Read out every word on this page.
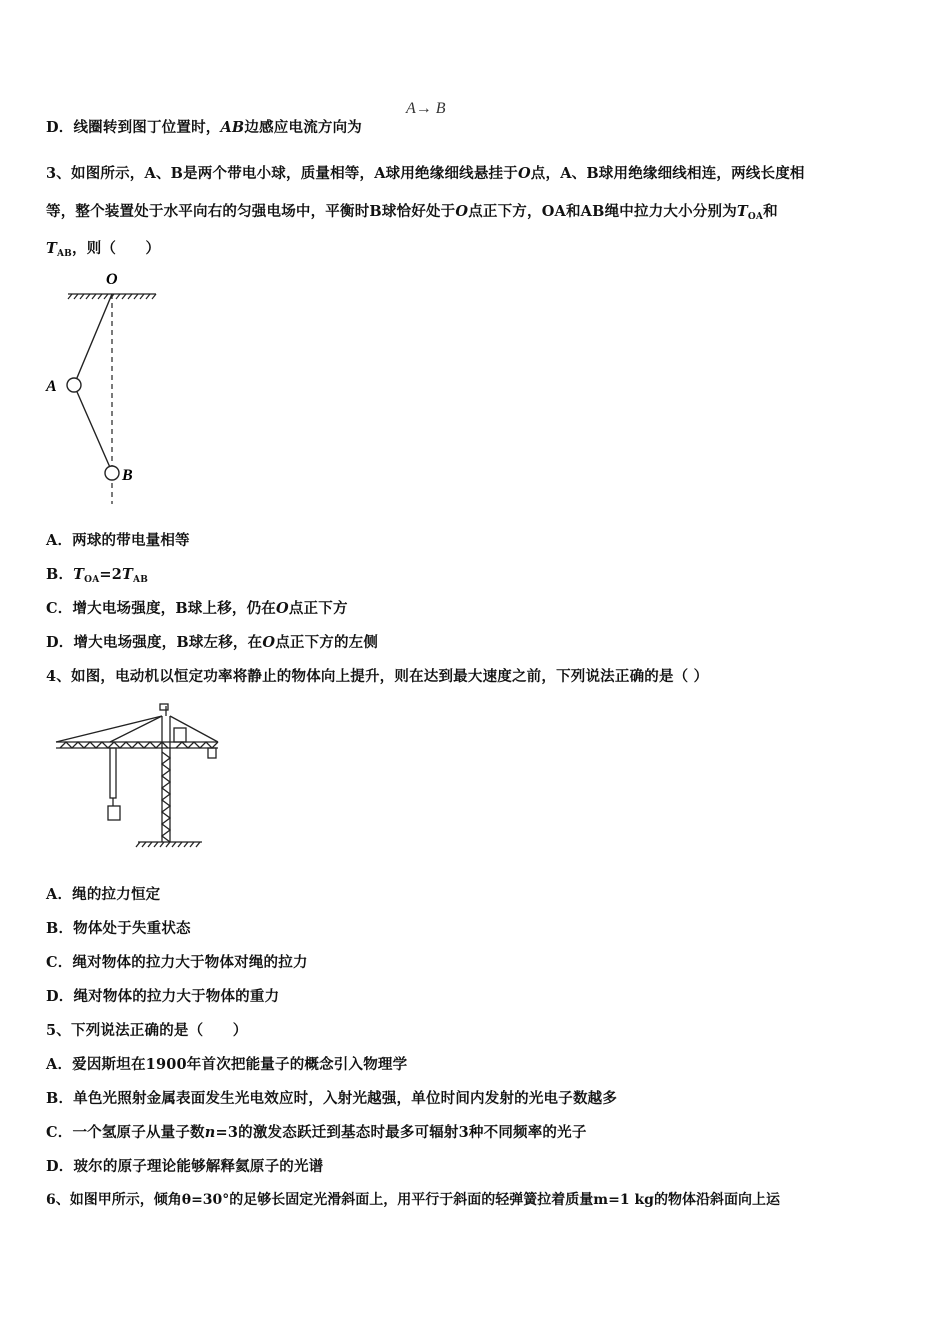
D．线圈转到图丁位置时，AB边感应电流方向为
A→ B
3、如图所示，A、B是两个带电小球，质量相等，A球用绝缘细线悬挂于O点，A、B球用绝缘细线相连，两线长度相
等，整个装置处于水平向右的匀强电场中，平衡时B球恰好处于O点正下方，OA和AB绳中拉力大小分别为$T_{OA}$和
$T_{AB}$，则（　　）
O
A
B
A．两球的带电量相等
B．$T_{OA}=2T_{AB}$
C．增大电场强度，B球上移，仍在O点正下方
D．增大电场强度，B球左移，在O点正下方的左侧
4、如图，电动机以恒定功率将静止的物体向上提升，则在达到最大速度之前，下列说法正确的是（ ）
A．绳的拉力恒定
B．物体处于失重状态
C．绳对物体的拉力大于物体对绳的拉力
D．绳对物体的拉力大于物体的重力
5、下列说法正确的是（　　）
A．爱因斯坦在1900年首次把能量子的概念引入物理学
B．单色光照射金属表面发生光电效应时，入射光越强，单位时间内发射的光电子数越多
C．一个氢原子从量子数n=3的激发态跃迁到基态时最多可辐射3种不同频率的光子
D．玻尔的原子理论能够解释氦原子的光谱
6、如图甲所示，倾角θ=30°的足够长固定光滑斜面上，用平行于斜面的轻弹簧拉着质量m=1 kg的物体沿斜面向上运
